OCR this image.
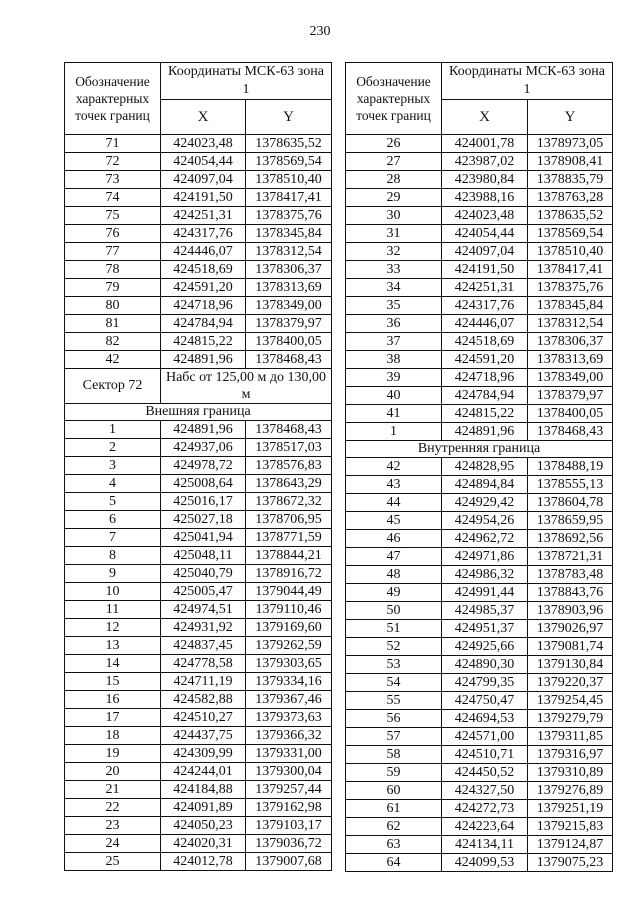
230
Обозначение характерных точек границ	Координаты МСК-63 зона 1	
	X	Y
71	424023,48	1378635,52
72	424054,44	1378569,54
73	424097,04	1378510,40
74	424191,50	1378417,41
75	424251,31	1378375,76
76	424317,76	1378345,84
77	424446,07	1378312,54
78	424518,69	1378306,37
79	424591,20	1378313,69
80	424718,96	1378349,00
81	424784,94	1378379,97
82	424815,22	1378400,05
42	424891,96	1378468,43
Сектор 72	Набс от 125,00 м до 130,00 м	
Внешняя граница		
1	424891,96	1378468,43
2	424937,06	1378517,03
3	424978,72	1378576,83
4	425008,64	1378643,29
5	425016,17	1378672,32
6	425027,18	1378706,95
7	425041,94	1378771,59
8	425048,11	1378844,21
9	425040,79	1378916,72
10	425005,47	1379044,49
11	424974,51	1379110,46
12	424931,92	1379169,60
13	424837,45	1379262,59
14	424778,58	1379303,65
15	424711,19	1379334,16
16	424582,88	1379367,46
17	424510,27	1379373,63
18	424437,75	1379366,32
19	424309,99	1379331,00
20	424244,01	1379300,04
21	424184,88	1379257,44
22	424091,89	1379162,98
23	424050,23	1379103,17
24	424020,31	1379036,72
25	424012,78	1379007,68
Обозначение характерных точек границ	Координаты МСК-63 зона 1	
	X	Y
26	424001,78	1378973,05
27	423987,02	1378908,41
28	423980,84	1378835,79
29	423988,16	1378763,28
30	424023,48	1378635,52
31	424054,44	1378569,54
32	424097,04	1378510,40
33	424191,50	1378417,41
34	424251,31	1378375,76
35	424317,76	1378345,84
36	424446,07	1378312,54
37	424518,69	1378306,37
38	424591,20	1378313,69
39	424718,96	1378349,00
40	424784,94	1378379,97
41	424815,22	1378400,05
1	424891,96	1378468,43
Внутренняя граница		
42	424828,95	1378488,19
43	424894,84	1378555,13
44	424929,42	1378604,78
45	424954,26	1378659,95
46	424962,72	1378692,56
47	424971,86	1378721,31
48	424986,32	1378783,48
49	424991,44	1378843,76
50	424985,37	1378903,96
51	424951,37	1379026,97
52	424925,66	1379081,74
53	424890,30	1379130,84
54	424799,35	1379220,37
55	424750,47	1379254,45
56	424694,53	1379279,79
57	424571,00	1379311,85
58	424510,71	1379316,97
59	424450,52	1379310,89
60	424327,50	1379276,89
61	424272,73	1379251,19
62	424223,64	1379215,83
63	424134,11	1379124,87
64	424099,53	1379075,23
